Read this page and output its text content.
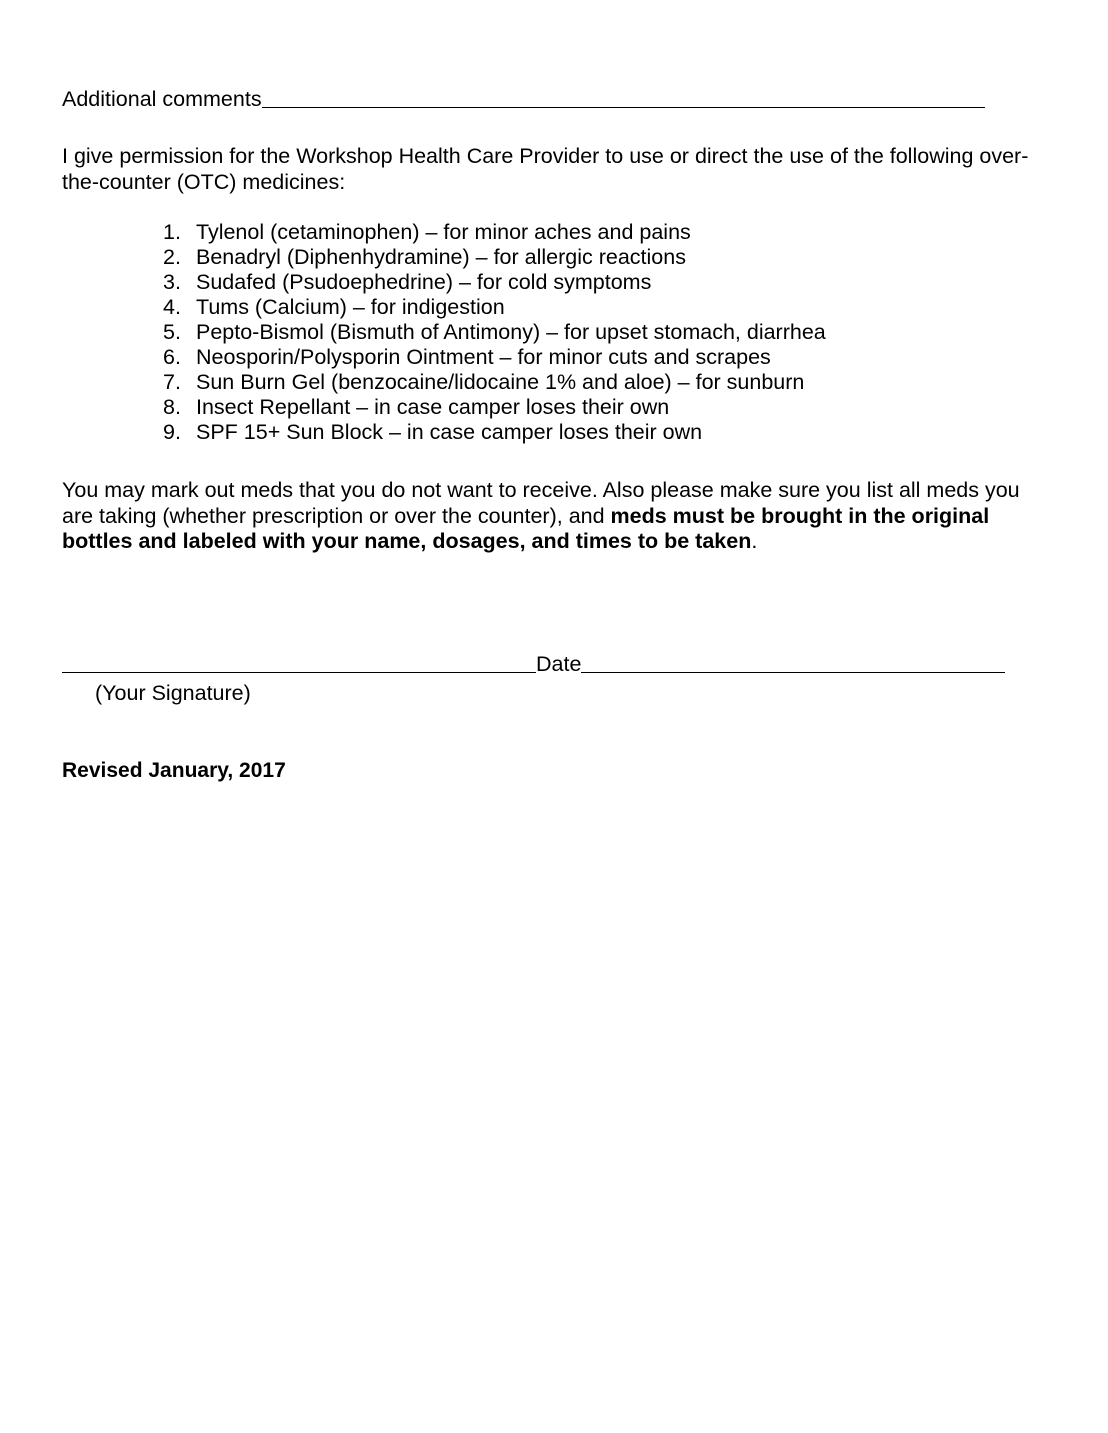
Additional comments

I give permission for the Workshop Health Care Provider to use or direct the use of the following over-the-counter (OTC) medicines:

1. Tylenol (cetaminophen) – for minor aches and pains
2. Benadryl (Diphenhydramine) – for allergic reactions
3. Sudafed (Psudoephedrine) – for cold symptoms
4. Tums (Calcium) – for indigestion
5. Pepto-Bismol (Bismuth of Antimony) – for upset stomach, diarrhea
6. Neosporin/Polysporin Ointment – for minor cuts and scrapes
7. Sun Burn Gel (benzocaine/lidocaine 1% and aloe) – for sunburn
8. Insect Repellant – in case camper loses their own
9. SPF 15+ Sun Block – in case camper loses their own

You may mark out meds that you do not want to receive. Also please make sure you list all meds you are taking (whether prescription or over the counter), and meds must be brought in the original bottles and labeled with your name, dosages, and times to be taken.

Date
(Your Signature)
Revised January, 2017
